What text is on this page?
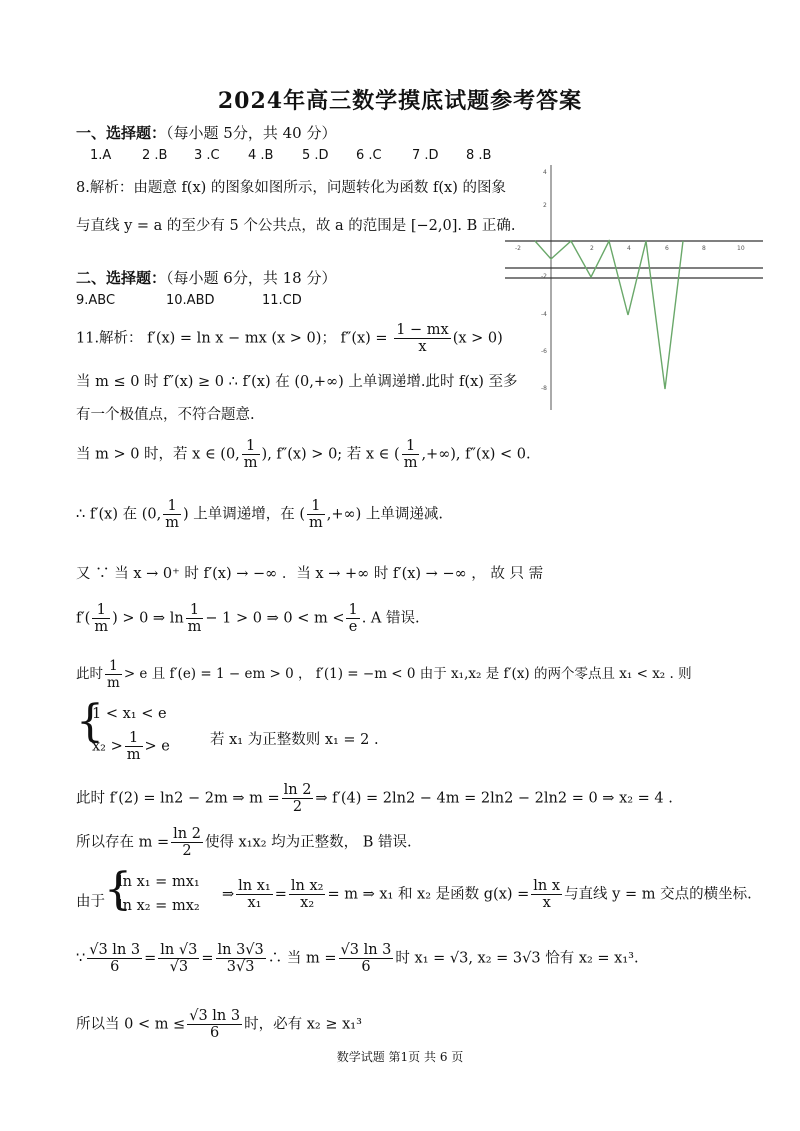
2024年高三数学摸底试题参考答案
一、选择题：（每小题 5分，共 40 分）
1.A 2 .B 3 .C 4 .B 5 .D 6 .C 7 .D 8 .B
8.解析：由题意 f(x) 的图象如图所示，问题转化为函数 f(x) 的图象
与直线 y = a 的至少有 5 个公共点，故 a 的范围是 [−2,0]. B 正确.
4
2
-2
-4
-6
-8
-2	2	4	6	8	10
二、选择题：（每小题 6分，共 18 分）
9.ABC	10.ABD	11.CD
11.解析： f′(x) = ln x − mx (x > 0)； $f''(x) = \frac{1 - mx}{x} (x > 0)$
当 m ≤ 0 时 f″(x) ≥ 0 ∴ f′(x) 在 (0,+∞) 上单调递增.此时 f(x) 至多
有一个极值点，不符合题意.
当 m > 0 时，若 x ∈ (0, $\frac{1}{m}$ ), f″(x) > 0; 若 x ∈ ( $\frac{1}{m}$ ,+∞), f″(x) < 0.
∴ f′(x) 在 (0, $\frac{1}{m}$ ) 上单调递增，在 ( $\frac{1}{m}$ ,+∞) 上单调递减.
又 ∵ 当 x → 0⁺ 时 f′(x) → −∞ ．当 x → +∞ 时 f′(x) → −∞ ， 故 只 需
$f'( \frac{1}{m}$ ) > 0 ⇒ $\ln \frac{1}{m} - 1 > 0$ ⇒ $0 < m < \frac{1}{e}$ . A 错误.
此时 $\frac{1}{m} > e$ 且 f′(e) = 1 − em > 0 ， f′(1) = −m < 0 由于 x₁,x₂ 是 f′(x) 的两个零点且 x₁ < x₂ . 则
{
1 < x₁ < e
$x_2 > \frac{1}{m} > e$	若 x₁ 为正整数则 x₁ = 2 .
此时 f′(2) = ln2 − 2m ⇒ $m = \frac{\ln 2}{2}$ ⇒ f′(4) = 2ln2 − 4m = 2ln2 − 2ln2 = 0 ⇒ x₂ = 4 .
所以存在 $m = \frac{\ln 2}{2}$ 使得 x₁x₂ 均为正整数， B 错误.
由于 {
ln x₁ = mx₁
ln x₂ = mx₂
⇒ $\frac{\text{ln x₁}}{\text{x₁}} = \frac{\text{ln x₂}}{\text{x₂}} = m$ ⇒ x₁ 和 x₂ 是函数 $g(x) = \frac{\text{ln x}}{x}$ 与直线 y = m 交点的横坐标.
∵ $\frac{√3 \ln 3}{6} = \frac{\ln √3}{√3} = \frac{\ln 3√3}{3√3}$ ∴ 当 $m = \frac{√3 \ln 3}{6}$ 时 x₁ = √3, x₂ = 3√3 恰有 x₂ = x₁³.
所以当 $0 < m \le \frac{√3 \ln 3}{6}$ 时，必有 x₂ ≥ x₁³
数学试题 第1页 共 6 页
